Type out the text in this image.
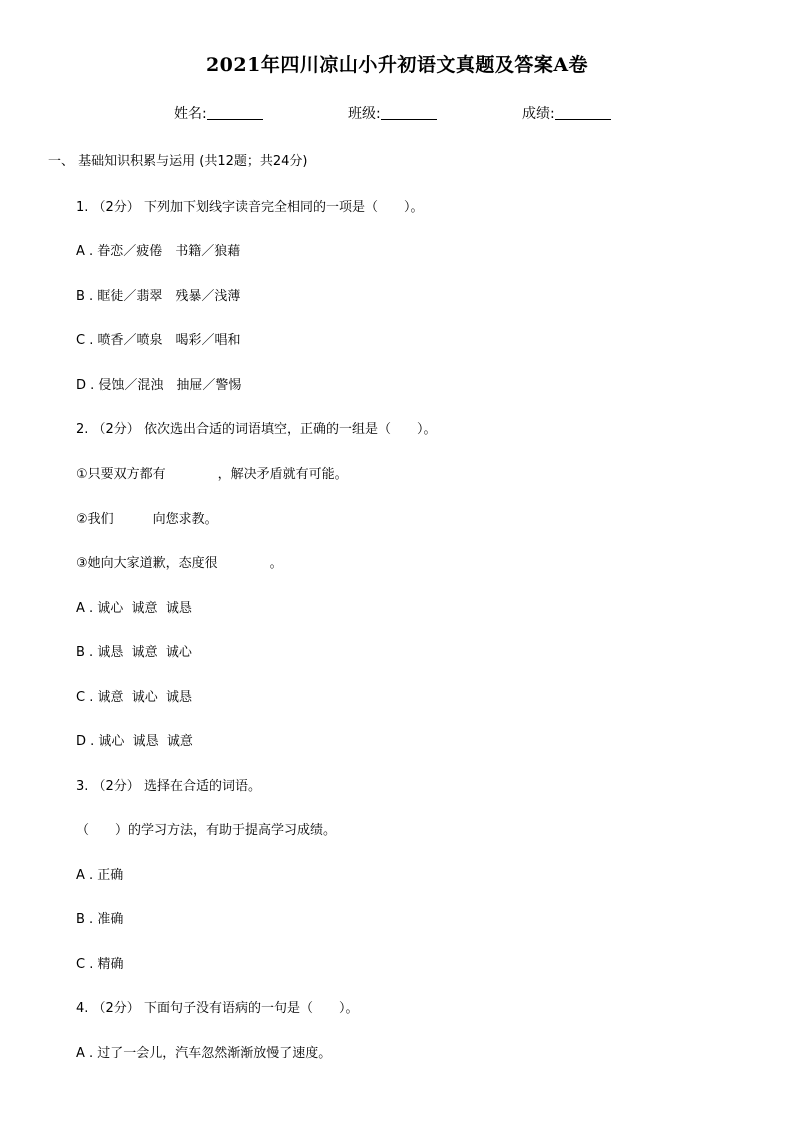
2021年四川凉山小升初语文真题及答案A卷
姓名:	班级:	成绩:
一、 基础知识积累与运用 (共12题；共24分)
1. （2分） 下列加下划线字读音完全相同的一项是（　　）。
A . 眷恋／疲倦　书籍／狼藉
B . 眶徒／翡翠　残暴／浅薄
C . 喷香／喷泉　喝彩／唱和
D . 侵蚀／混浊　抽屉／警惕
2. （2分） 依次选出合适的词语填空，正确的一组是（　　）。
①只要双方都有　　　　，解决矛盾就有可能。
②我们　　　向您求教。
③她向大家道歉，态度很　　　　。
A . 诚心  诚意  诚恳
B . 诚恳  诚意  诚心
C . 诚意  诚心  诚恳
D . 诚心  诚恳  诚意
3. （2分） 选择在合适的词语。
（　　）的学习方法，有助于提高学习成绩。
A . 正确
B . 准确
C . 精确
4. （2分） 下面句子没有语病的一句是（　　）。
A . 过了一会儿，汽车忽然渐渐放慢了速度。
